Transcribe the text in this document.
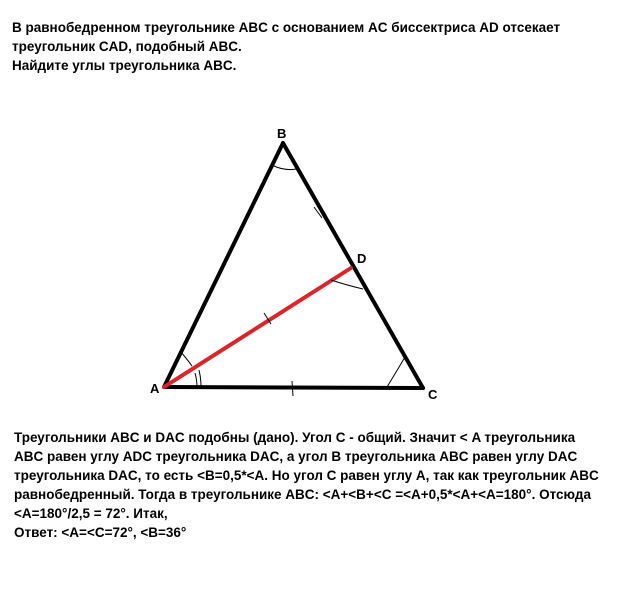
В равнобедренном треугольнике ABC с основанием AC биссектриса AD отсекает

треугольник CAD, подобный ABC.

Найдите углы треугольника ABC.

B
D
A	C

Треугольники ABC и DAC подобны (дано). Угол C - общий. Значит < A треугольника

ABC равен углу ADC треугольника DAC, а угол B треугольника ABC равен углу DAC

треугольника DAC, то есть <B=0,5*<A. Но угол С равен углу А, так как треугольник ABC

равнобедренный. Тогда в треугольнике ABC: <A+<B+<C =<A+0,5*<A+<A=180°. Отсюда

<A=180°/2,5 = 72°. Итак,

Ответ: <A=<C=72°, <B=36°
